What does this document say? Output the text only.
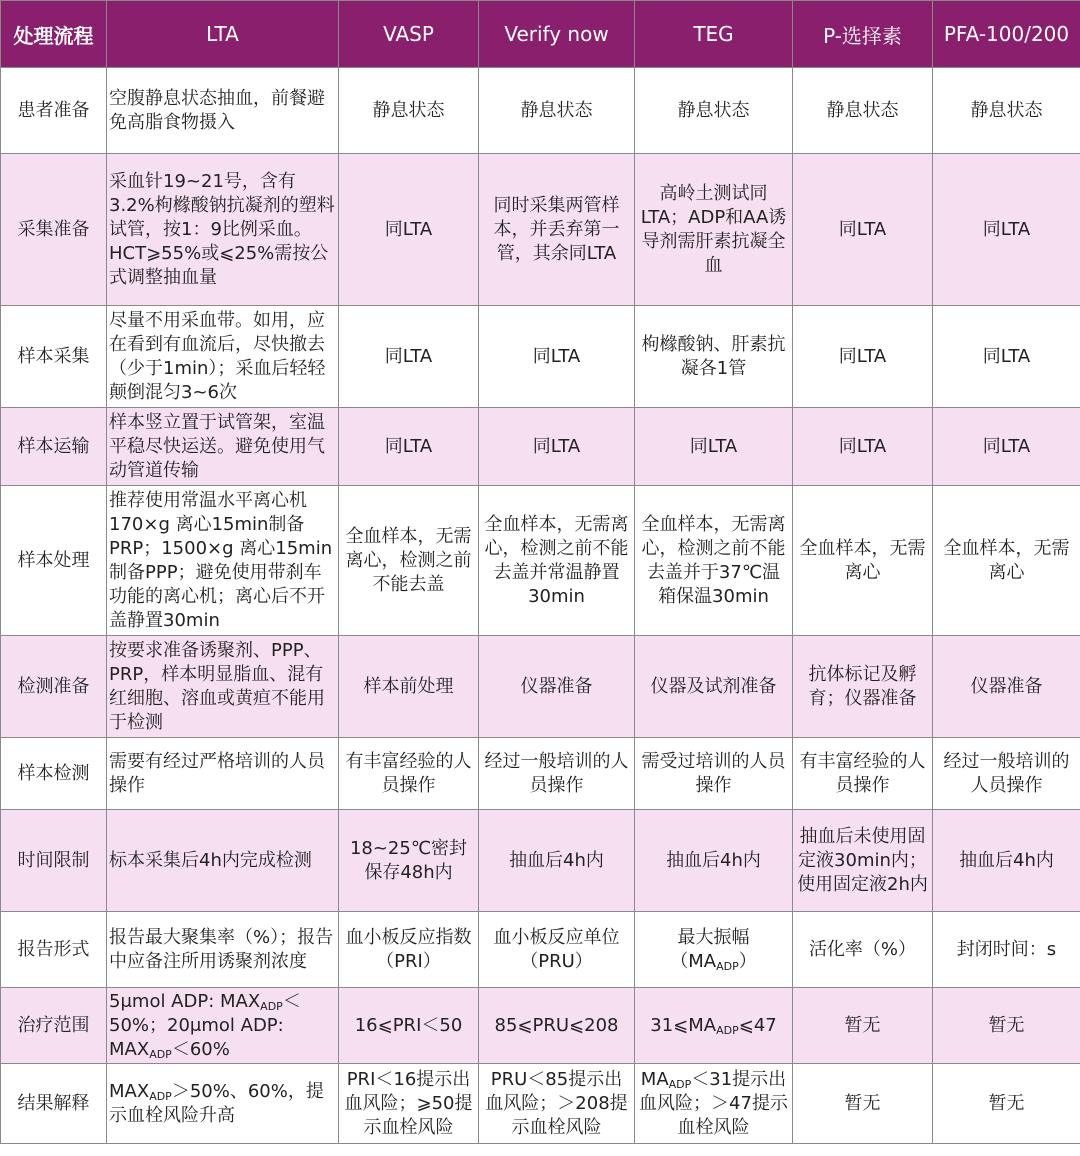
处理流程	LTA	VASP	Verify now	TEG	P-选择素	PFA-100/200
患者准备	空腹静息状态抽血，前餐避免高脂食物摄入	静息状态	静息状态	静息状态	静息状态	静息状态
采集准备	采血针19~21号，含有3.2%枸橼酸钠抗凝剂的塑料试管，按1：9比例采血。HCT⩾55%或⩽25%需按公式调整抽血量	同LTA	同时采集两管样本，并丢弃第一管，其余同LTA	高岭土测试同LTA；ADP和AA诱导剂需肝素抗凝全血	同LTA	同LTA
样本采集	尽量不用采血带。如用，应在看到有血流后，尽快撤去（少于1min）；采血后轻轻颠倒混匀3~6次	同LTA	同LTA	枸橼酸钠、肝素抗凝各1管	同LTA	同LTA
样本运输	样本竖立置于试管架，室温平稳尽快运送。避免使用气动管道传输	同LTA	同LTA	同LTA	同LTA	同LTA
样本处理	推荐使用常温水平离心机170×g 离心15min制备PRP；1500×g 离心15min制备PPP；避免使用带刹车功能的离心机；离心后不开盖静置30min	全血样本，无需离心，检测之前不能去盖	全血样本，无需离心，检测之前不能去盖并常温静置30min	全血样本，无需离心，检测之前不能去盖并于37℃温箱保温30min	全血样本，无需离心	全血样本，无需离心
检测准备	按要求准备诱聚剂、PPP、PRP，样本明显脂血、混有红细胞、溶血或黄疸不能用于检测	样本前处理	仪器准备	仪器及试剂准备	抗体标记及孵育；仪器准备	仪器准备
样本检测	需要有经过严格培训的人员操作	有丰富经验的人员操作	经过一般培训的人员操作	需受过培训的人员操作	有丰富经验的人员操作	经过一般培训的人员操作
时间限制	标本采集后4h内完成检测	18~25℃密封保存48h内	抽血后4h内	抽血后4h内	抽血后未使用固定液30min内；使用固定液2h内	抽血后4h内
报告形式	报告最大聚集率（%）；报告中应备注所用诱聚剂浓度	血小板反应指数（PRI）	血小板反应单位（PRU）	最大振幅$(MA_{ADP})$	活化率（%）	封闭时间：s
治疗范围	5μmol ADP: $MAX_{ADP}<50\%$；20μmol ADP: $MAX_{ADP}<60\%$	16⩽PRI＜50	85⩽PRU⩽208	$31⩽MA_{ADP}⩽47$	暂无	暂无
结果解释	$MAX_{ADP}>50\%$、60%，提示血栓风险升高	PRI＜16提示出血风险；⩾50提示血栓风险	PRU＜85提示出血风险；＞208提示血栓风险	$MA_{ADP}<31$提示出血风险；＞47提示血栓风险	暂无	暂无
